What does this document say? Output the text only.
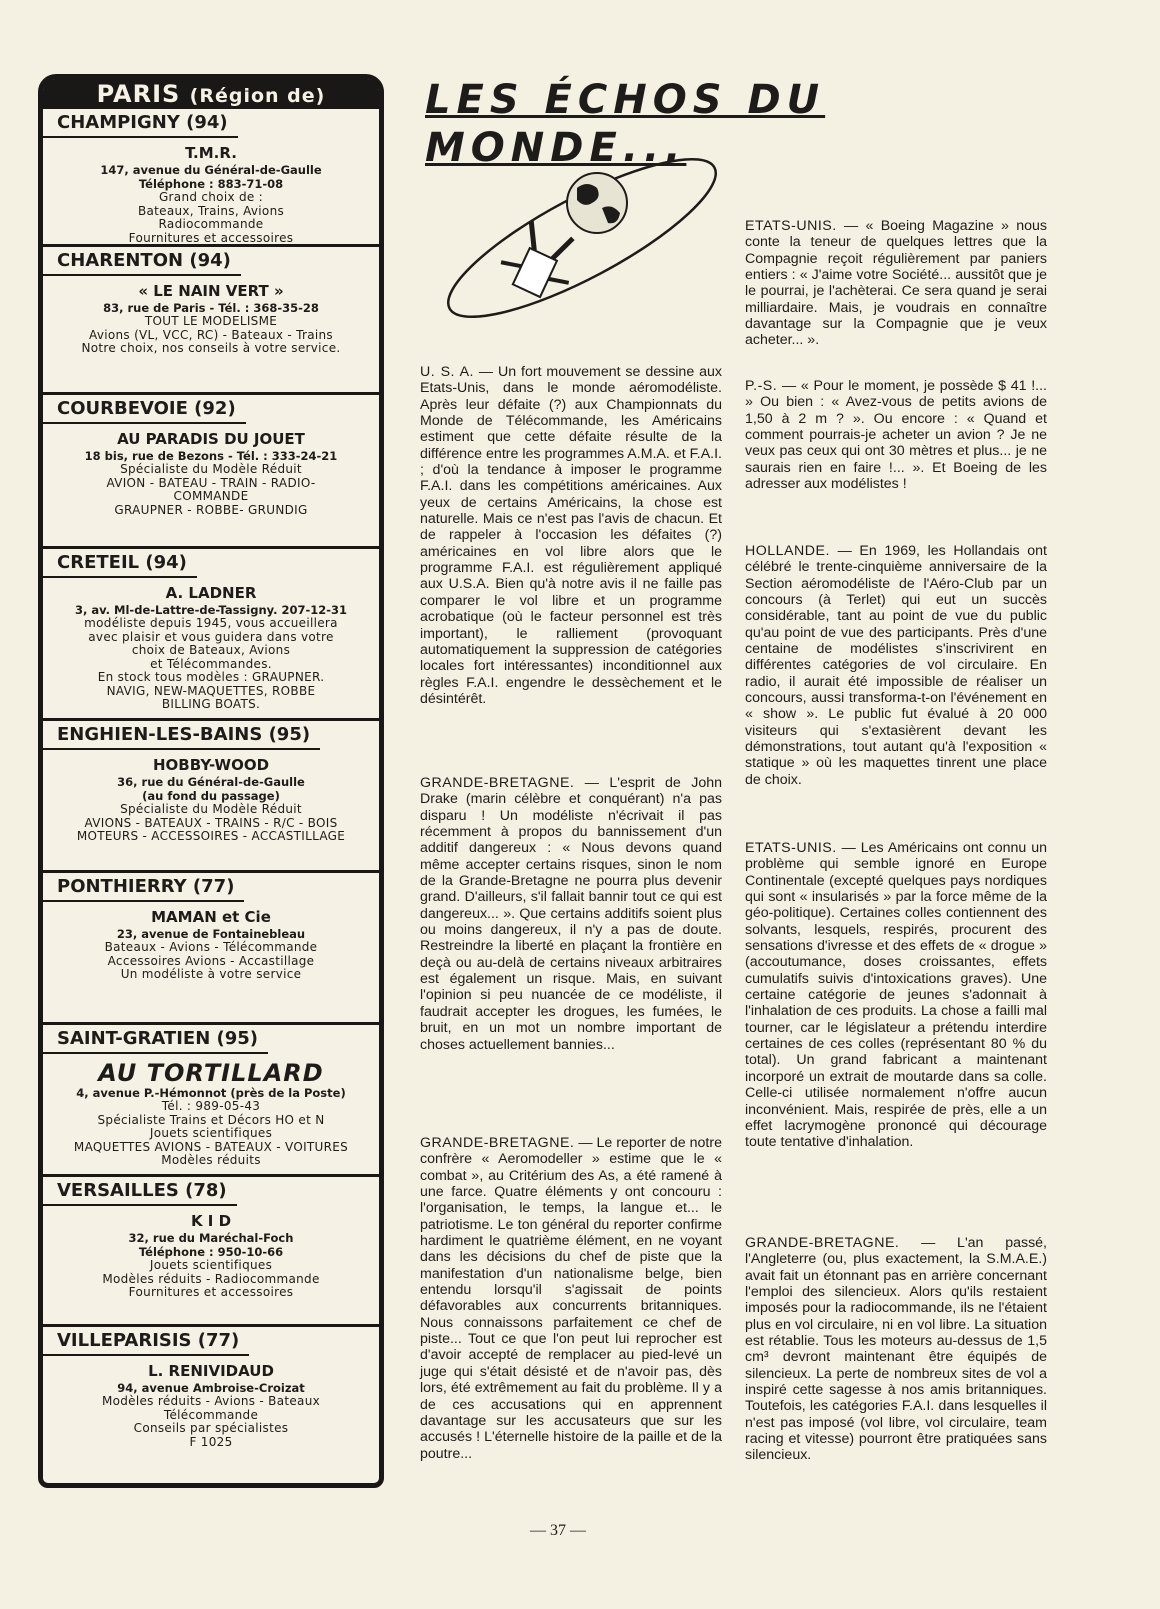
PARIS (Région de)
CHAMPIGNY (94)
T.M.R.
147, avenue du Général-de-Gaulle
Téléphone : 883-71-08
Grand choix de :
Bateaux, Trains, Avions
Radiocommande
Fournitures et accessoires
CHARENTON (94)
« LE NAIN VERT »
83, rue de Paris - Tél. : 368-35-28
TOUT LE MODELISME
Avions (VL, VCC, RC) - Bateaux - Trains
Notre choix, nos conseils à votre service.
COURBEVOIE (92)
AU PARADIS DU JOUET
18 bis, rue de Bezons - Tél. : 333-24-21
Spécialiste du Modèle Réduit
AVION - BATEAU - TRAIN - RADIO-
COMMANDE
GRAUPNER - ROBBE- GRUNDIG
CRETEIL (94)
A. LADNER
3, av. Ml-de-Lattre-de-Tassigny. 207-12-31
modéliste depuis 1945, vous accueillera
avec plaisir et vous guidera dans votre
choix de Bateaux, Avions
et Télécommandes.
En stock tous modèles : GRAUPNER.
NAVIG, NEW-MAQUETTES, ROBBE
BILLING BOATS.
ENGHIEN-LES-BAINS (95)
HOBBY-WOOD
36, rue du Général-de-Gaulle
(au fond du passage)
Spécialiste du Modèle Réduit
AVIONS - BATEAUX - TRAINS - R/C - BOIS
MOTEURS - ACCESSOIRES - ACCASTILLAGE
PONTHIERRY (77)
MAMAN et Cie
23, avenue de Fontainebleau
Bateaux - Avions - Télécommande
Accessoires Avions - Accastillage
Un modéliste à votre service
SAINT-GRATIEN (95)
AU TORTILLARD
4, avenue P.-Hémonnot (près de la Poste)
Tél. : 989-05-43
Spécialiste Trains et Décors HO et N
Jouets scientifiques
MAQUETTES AVIONS - BATEAUX - VOITURES
Modèles réduits
VERSAILLES (78)
K I D
32, rue du Maréchal-Foch
Téléphone : 950-10-66
Jouets scientifiques
Modèles réduits - Radiocommande
Fournitures et accessoires
VILLEPARISIS (77)
L. RENIVIDAUD
94, avenue Ambroise-Croizat
Modèles réduits - Avions - Bateaux
Télécommande
Conseils par spécialistes
F 1025
LES ÉCHOS DU MONDE...
U. S. A. — Un fort mouvement se dessine aux Etats-Unis, dans le monde aéromodéliste. Après leur défaite (?) aux Championnats du Monde de Télécommande, les Américains estiment que cette défaite résulte de la différence entre les programmes A.M.A. et F.A.I. ; d'où la tendance à imposer le programme F.A.I. dans les compétitions américaines. Aux yeux de certains Américains, la chose est naturelle. Mais ce n'est pas l'avis de chacun. Et de rappeler à l'occasion les défaites (?) américaines en vol libre alors que le programme F.A.I. est régulièrement appliqué aux U.S.A. Bien qu'à notre avis il ne faille pas comparer le vol libre et un programme acrobatique (où le facteur personnel est très important), le ralliement (provoquant automatiquement la suppression de catégories locales fort intéressantes) inconditionnel aux règles F.A.I. engendre le dessèchement et le désintérêt.
GRANDE-BRETAGNE. — L'esprit de John Drake (marin célèbre et conquérant) n'a pas disparu ! Un modéliste n'écrivait il pas récemment à propos du bannissement d'un additif dangereux : « Nous devons quand même accepter certains risques, sinon le nom de la Grande-Bretagne ne pourra plus devenir grand. D'ailleurs, s'il fallait bannir tout ce qui est dangereux... ». Que certains additifs soient plus ou moins dangereux, il n'y a pas de doute. Restreindre la liberté en plaçant la frontière en deçà ou au-delà de certains niveaux arbitraires est également un risque. Mais, en suivant l'opinion si peu nuancée de ce modéliste, il faudrait accepter les drogues, les fumées, le bruit, en un mot un nombre important de choses actuellement bannies...
GRANDE-BRETAGNE. — Le reporter de notre confrère « Aeromodeller » estime que le « combat », au Critérium des As, a été ramené à une farce. Quatre éléments y ont concouru : l'organisation, le temps, la langue et... le patriotisme. Le ton général du reporter confirme hardiment le quatrième élément, en ne voyant dans les décisions du chef de piste que la manifestation d'un nationalisme belge, bien entendu lorsqu'il s'agissait de points défavorables aux concurrents britanniques. Nous connaissons parfaitement ce chef de piste... Tout ce que l'on peut lui reprocher est d'avoir accepté de remplacer au pied-levé un juge qui s'était désisté et de n'avoir pas, dès lors, été extrêmement au fait du problème. Il y a de ces accusations qui en apprennent davantage sur les accusateurs que sur les accusés ! L'éternelle histoire de la paille et de la poutre...
ETATS-UNIS. — « Boeing Magazine » nous conte la teneur de quelques lettres que la Compagnie reçoit régulièrement par paniers entiers : « J'aime votre Société... aussitôt que je le pourrai, je l'achèterai. Ce sera quand je serai milliardaire. Mais, je voudrais en connaître davantage sur la Compagnie que je veux acheter... ».
P.-S. — « Pour le moment, je possède $ 41 !... » Ou bien : « Avez-vous de petits avions de 1,50 à 2 m ? ». Ou encore : « Quand et comment pourrais-je acheter un avion ? Je ne veux pas ceux qui ont 30 mètres et plus... je ne saurais rien en faire !... ». Et Boeing de les adresser aux modélistes !
HOLLANDE. — En 1969, les Hollandais ont célébré le trente-cinquième anniversaire de la Section aéromodéliste de l'Aéro-Club par un concours (à Terlet) qui eut un succès considérable, tant au point de vue du public qu'au point de vue des participants. Près d'une centaine de modélistes s'inscrivirent en différentes catégories de vol circulaire. En radio, il aurait été impossible de réaliser un concours, aussi transforma-t-on l'événement en « show ». Le public fut évalué à 20 000 visiteurs qui s'extasièrent devant les démonstrations, tout autant qu'à l'exposition « statique » où les maquettes tinrent une place de choix.
ETATS-UNIS. — Les Américains ont connu un problème qui semble ignoré en Europe Continentale (excepté quelques pays nordiques qui sont « insularisés » par la force même de la géo-politique). Certaines colles contiennent des solvants, lesquels, respirés, procurent des sensations d'ivresse et des effets de « drogue » (accoutumance, doses croissantes, effets cumulatifs suivis d'intoxications graves). Une certaine catégorie de jeunes s'adonnait à l'inhalation de ces produits. La chose a failli mal tourner, car le législateur a prétendu interdire certaines de ces colles (représentant 80 % du total). Un grand fabricant a maintenant incorporé un extrait de moutarde dans sa colle. Celle-ci utilisée normalement n'offre aucun inconvénient. Mais, respirée de près, elle a un effet lacrymogène prononcé qui décourage toute tentative d'inhalation.
GRANDE-BRETAGNE. — L'an passé, l'Angleterre (ou, plus exactement, la S.M.A.E.) avait fait un étonnant pas en arrière concernant l'emploi des silencieux. Alors qu'ils restaient imposés pour la radiocommande, ils ne l'étaient plus en vol circulaire, ni en vol libre. La situation est rétablie. Tous les moteurs au-dessus de 1,5 cm³ devront maintenant être équipés de silencieux. La perte de nombreux sites de vol a inspiré cette sagesse à nos amis britanniques. Toutefois, les catégories F.A.I. dans lesquelles il n'est pas imposé (vol libre, vol circulaire, team racing et vitesse) pourront être pratiquées sans silencieux.
— 37 —
